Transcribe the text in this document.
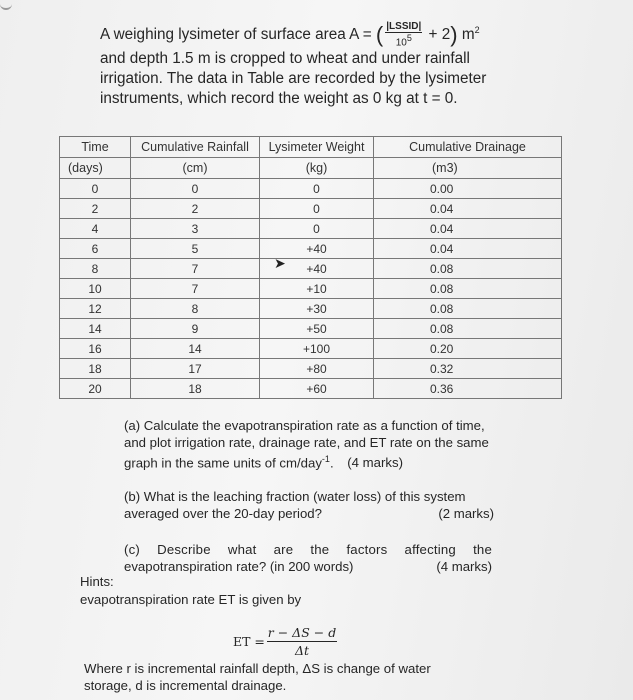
A weighing lysimeter of surface area A = ( $\frac{\text{|LSSID|}}{10^5} + 2$) $m^2$
and depth 1.5 m is cropped to wheat and under rainfall irrigation. The data in Table are recorded by the lysimeter instruments, which record the weight as 0 kg at t = 0.
Time	Cumulative Rainfall	Lysimeter Weight	Cumulative Drainage
(days)	(cm)	(kg)	(m3)
0	0	0	0.00
2	2	0	0.04
4	3	0	0.04
6	5	+40	0.04
8	7	+40	0.08
10	7	+10	0.08
12	8	+30	0.08
14	9	+50	0.08
16	14	+100	0.20
18	17	+80	0.32
20	18	+60	0.36
➤
(a) Calculate the evapotranspiration rate as a function of time, and plot irrigation rate, drainage rate, and ET rate on the same graph in the same units of cm/day$^{-1}$. (4 marks)
(b) What is the leaching fraction (water loss) of this system averaged over the 20-day period?	(2 marks)
(c) Describe what are the factors affecting the
evapotranspiration rate? (in 200 words)	(4 marks)
Hints:
evapotranspiration rate ET is given by
ET =
r − ΔS − d
Δt
Where r is incremental rainfall depth, ΔS is change of water storage, d is incremental drainage.
